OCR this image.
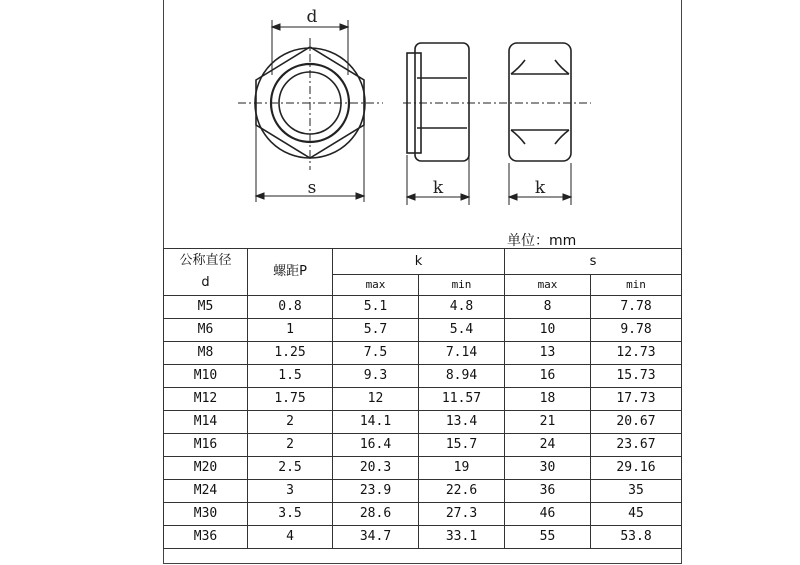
d
s	k	k
单位：mm
公称直径
d	螺距P	k		s	
		max	min	max	min
M5	0.8	5.1	4.8	8	7.78
M6	1	5.7	5.4	10	9.78
M8	1.25	7.5	7.14	13	12.73
M10	1.5	9.3	8.94	16	15.73
M12	1.75	12	11.57	18	17.73
M14	2	14.1	13.4	21	20.67
M16	2	16.4	15.7	24	23.67
M20	2.5	20.3	19	30	29.16
M24	3	23.9	22.6	36	35
M30	3.5	28.6	27.3	46	45
M36	4	34.7	33.1	55	53.8
